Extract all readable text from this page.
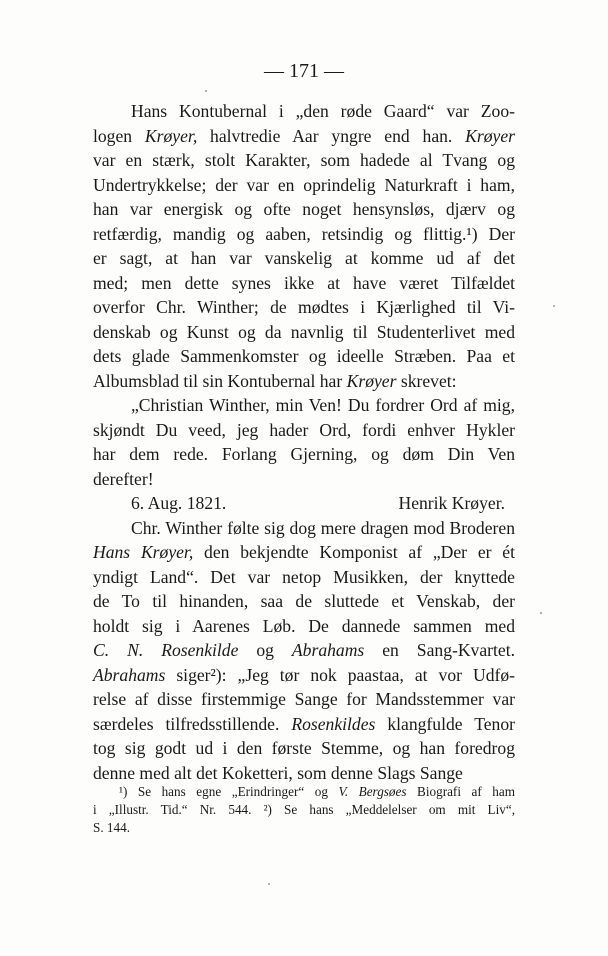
— 171 —
Hans Kontubernal i „den røde Gaard“ var Zoo-
logen Krøyer, halvtredie Aar yngre end han. Krøyer
var en stærk, stolt Karakter, som hadede al Tvang og
Undertrykkelse; der var en oprindelig Naturkraft i ham,
han var energisk og ofte noget hensynsløs, djærv og
retfærdig, mandig og aaben, retsindig og flittig.¹) Der
er sagt, at han var vanskelig at komme ud af det
med; men dette synes ikke at have været Tilfældet
overfor Chr. Winther; de mødtes i Kjærlighed til Vi-
denskab og Kunst og da navnlig til Studenterlivet med
dets glade Sammenkomster og ideelle Stræben. Paa et
Albumsblad til sin Kontubernal har Krøyer skrevet:
„Christian Winther, min Ven! Du fordrer Ord af mig,
skjøndt Du veed, jeg hader Ord, fordi enhver Hykler
har dem rede. Forlang Gjerning, og døm Din Ven
derefter!
6. Aug. 1821.	Henrik Krøyer.
Chr. Winther følte sig dog mere dragen mod Broderen
Hans Krøyer, den bekjendte Komponist af „Der er ét
yndigt Land“. Det var netop Musikken, der knyttede
de To til hinanden, saa de sluttede et Venskab, der
holdt sig i Aarenes Løb. De dannede sammen med
C. N. Rosenkilde og Abrahams en Sang-Kvartet.
Abrahams siger²): „Jeg tør nok paastaa, at vor Udfø-
relse af disse firstemmige Sange for Mandsstemmer var
særdeles tilfredsstillende. Rosenkildes klangfulde Tenor
tog sig godt ud i den første Stemme, og han foredrog
denne med alt det Koketteri, som denne Slags Sange
¹) Se hans egne „Erindringer“ og V. Bergsøes Biografi af ham
i „Illustr. Tid.“ Nr. 544. ²) Se hans „Meddelelser om mit Liv“,
S. 144.
